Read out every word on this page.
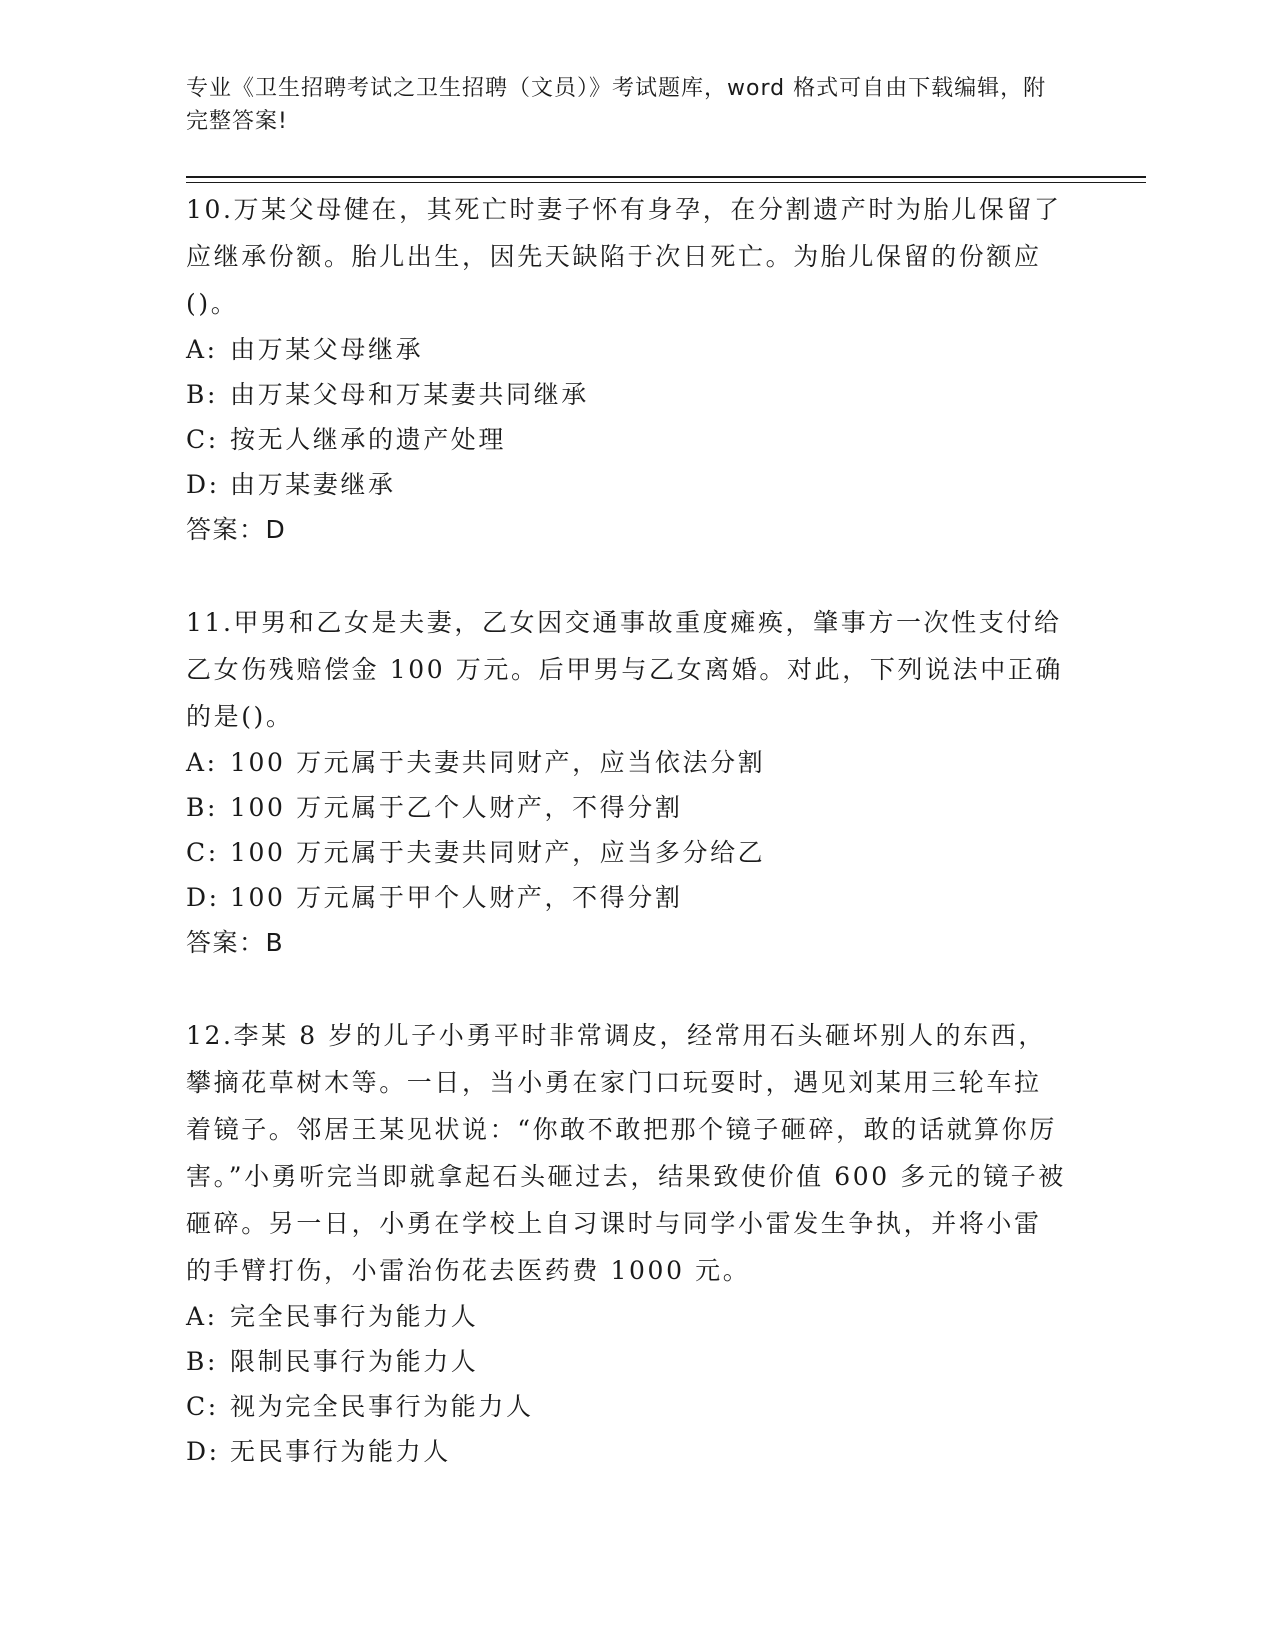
专业《卫生招聘考试之卫生招聘（文员）》考试题库，word 格式可自由下载编辑，附完整答案!

10.万某父母健在，其死亡时妻子怀有身孕，在分割遗产时为胎儿保留了应继承份额。胎儿出生，因先天缺陷于次日死亡。为胎儿保留的份额应()。

A: 由万某父母继承
B: 由万某父母和万某妻共同继承
C: 按无人继承的遗产处理
D: 由万某妻继承

答案：D

11.甲男和乙女是夫妻，乙女因交通事故重度瘫痪，肇事方一次性支付给乙女伤残赔偿金 100 万元。后甲男与乙女离婚。对此，下列说法中正确的是()。

A: 100 万元属于夫妻共同财产，应当依法分割
B: 100 万元属于乙个人财产，不得分割
C: 100 万元属于夫妻共同财产，应当多分给乙
D: 100 万元属于甲个人财产，不得分割

答案：B

12.李某 8 岁的儿子小勇平时非常调皮，经常用石头砸坏别人的东西，攀摘花草树木等。一日，当小勇在家门口玩耍时，遇见刘某用三轮车拉着镜子。邻居王某见状说：“你敢不敢把那个镜子砸碎，敢的话就算你厉害。”小勇听完当即就拿起石头砸过去，结果致使价值 600 多元的镜子被砸碎。另一日，小勇在学校上自习课时与同学小雷发生争执，并将小雷的手臂打伤，小雷治伤花去医药费 1000 元。

A: 完全民事行为能力人
B: 限制民事行为能力人
C: 视为完全民事行为能力人
D: 无民事行为能力人
